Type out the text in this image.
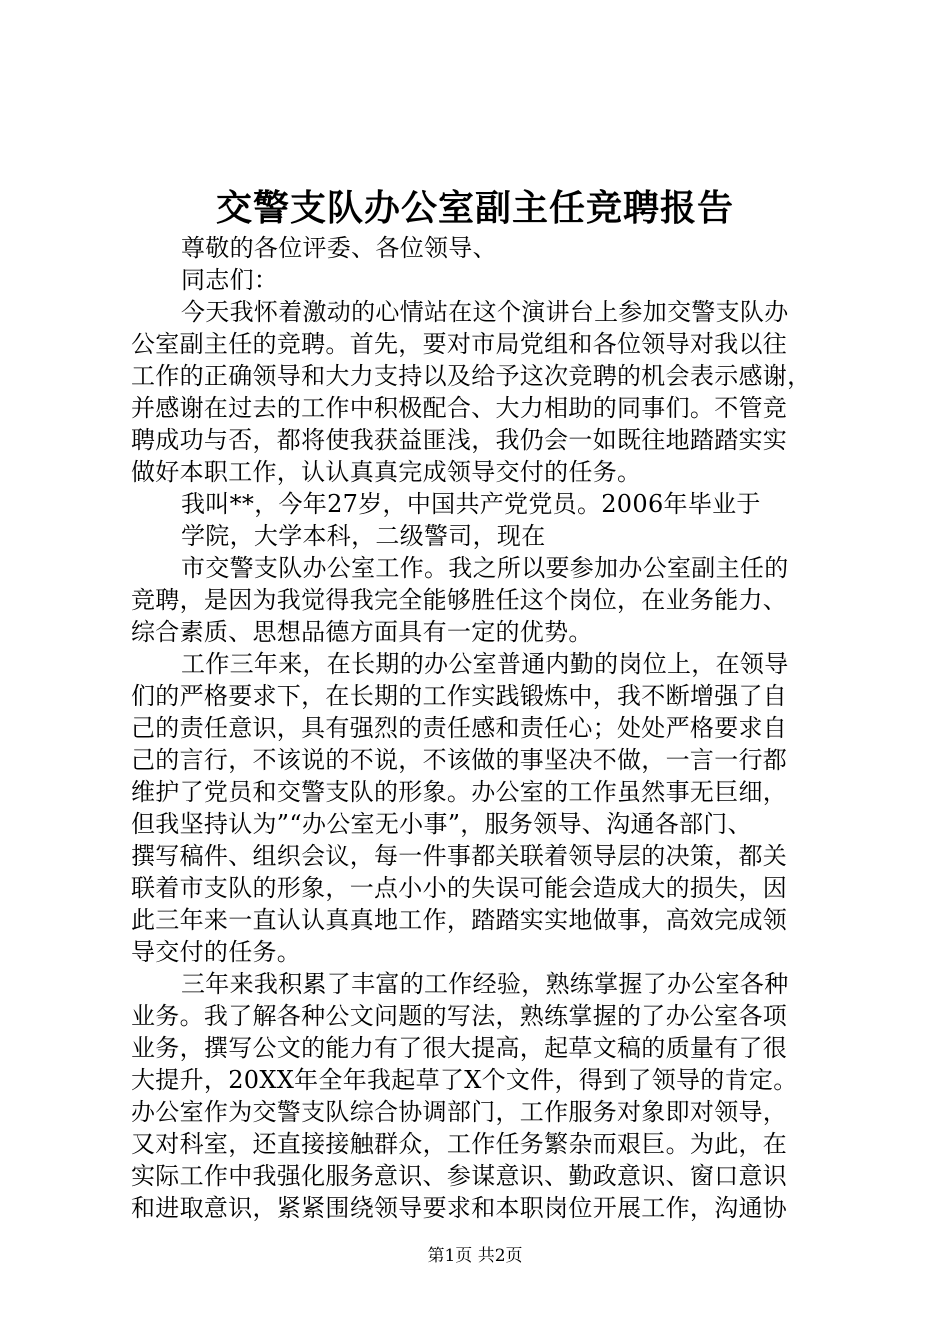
交警支队办公室副主任竞聘报告
尊敬的各位评委、各位领导、
同志们：
今天我怀着激动的心情站在这个演讲台上参加交警支队办
公室副主任的竞聘。首先，要对市局党组和各位领导对我以往
工作的正确领导和大力支持以及给予这次竞聘的机会表示感谢，
并感谢在过去的工作中积极配合、大力相助的同事们。不管竞
聘成功与否，都将使我获益匪浅，我仍会一如既往地踏踏实实
做好本职工作，认认真真完成领导交付的任务。
我叫**，今年27岁，中国共产党党员。2006年毕业于
学院，大学本科，二级警司，现在
市交警支队办公室工作。我之所以要参加办公室副主任的
竞聘，是因为我觉得我完全能够胜任这个岗位，在业务能力、
综合素质、思想品德方面具有一定的优势。
工作三年来，在长期的办公室普通内勤的岗位上，在领导
们的严格要求下，在长期的工作实践锻炼中，我不断增强了自
己的责任意识，具有强烈的责任感和责任心；处处严格要求自
己的言行，不该说的不说，不该做的事坚决不做，一言一行都
维护了党员和交警支队的形象。办公室的工作虽然事无巨细，
但我坚持认为”“办公室无小事”，服务领导、沟通各部门、
撰写稿件、组织会议，每一件事都关联着领导层的决策，都关
联着市支队的形象，一点小小的失误可能会造成大的损失，因
此三年来一直认认真真地工作，踏踏实实地做事，高效完成领
导交付的任务。
三年来我积累了丰富的工作经验，熟练掌握了办公室各种
业务。我了解各种公文问题的写法，熟练掌握的了办公室各项
业务，撰写公文的能力有了很大提高，起草文稿的质量有了很
大提升，20XX年全年我起草了X个文件，得到了领导的肯定。
办公室作为交警支队综合协调部门，工作服务对象即对领导，
又对科室，还直接接触群众，工作任务繁杂而艰巨。为此，在
实际工作中我强化服务意识、参谋意识、勤政意识、窗口意识
和进取意识，紧紧围绕领导要求和本职岗位开展工作，沟通协
第1页 共2页
